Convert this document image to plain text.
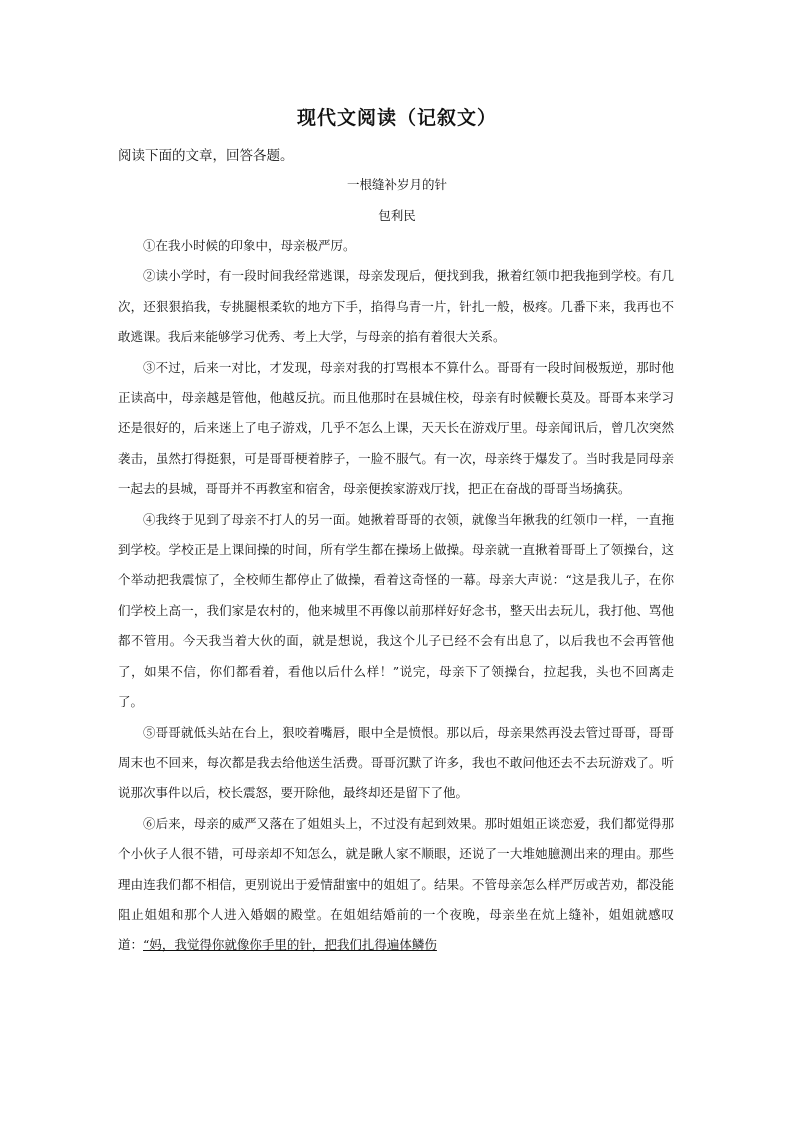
现代文阅读（记叙文）
阅读下面的文章，回答各题。
一根缝补岁月的针
包利民

①在我小时候的印象中，母亲极严厉。

②读小学时，有一段时间我经常逃课，母亲发现后，便找到我，揪着红领巾把我拖到学校。有几次，还狠狠掐我，专挑腿根柔软的地方下手，掐得乌青一片，针扎一般，极疼。几番下来，我再也不敢逃课。我后来能够学习优秀、考上大学，与母亲的掐有着很大关系。

③不过，后来一对比，才发现，母亲对我的打骂根本不算什么。哥哥有一段时间极叛逆，那时他正读高中，母亲越是管他，他越反抗。而且他那时在县城住校，母亲有时候鞭长莫及。哥哥本来学习还是很好的，后来迷上了电子游戏，几乎不怎么上课，天天长在游戏厅里。母亲闻讯后，曾几次突然袭击，虽然打得挺狠，可是哥哥梗着脖子，一脸不服气。有一次，母亲终于爆发了。当时我是同母亲一起去的县城，哥哥并不再教室和宿舍，母亲便挨家游戏厅找，把正在奋战的哥哥当场擒获。

④我终于见到了母亲不打人的另一面。她揪着哥哥的衣领，就像当年揪我的红领巾一样，一直拖到学校。学校正是上课间操的时间，所有学生都在操场上做操。母亲就一直揪着哥哥上了领操台，这个举动把我震惊了，全校师生都停止了做操，看着这奇怪的一幕。母亲大声说：“这是我儿子，在你们学校上高一，我们家是农村的，他来城里不再像以前那样好好念书，整天出去玩儿，我打他、骂他都不管用。今天我当着大伙的面，就是想说，我这个儿子已经不会有出息了，以后我也不会再管他了，如果不信，你们都看着，看他以后什么样！”说完，母亲下了领操台，拉起我，头也不回离走了。

⑤哥哥就低头站在台上，狠咬着嘴唇，眼中全是愤恨。那以后，母亲果然再没去管过哥哥，哥哥周末也不回来，每次都是我去给他送生活费。哥哥沉默了许多，我也不敢问他还去不去玩游戏了。听说那次事件以后，校长震怒，要开除他，最终却还是留下了他。

⑥后来，母亲的威严又落在了姐姐头上，不过没有起到效果。那时姐姐正谈恋爱，我们都觉得那个小伙子人很不错，可母亲却不知怎么，就是瞅人家不顺眼，还说了一大堆她臆测出来的理由。那些理由连我们都不相信，更别说出于爱情甜蜜中的姐姐了。结果。不管母亲怎么样严厉或苦劝，都没能阻止姐姐和那个人进入婚姻的殿堂。在姐姐结婚前的一个夜晚，母亲坐在炕上缝补，姐姐就感叹道：“妈，我觉得你就像你手里的针，把我们扎得遍体鳞伤
